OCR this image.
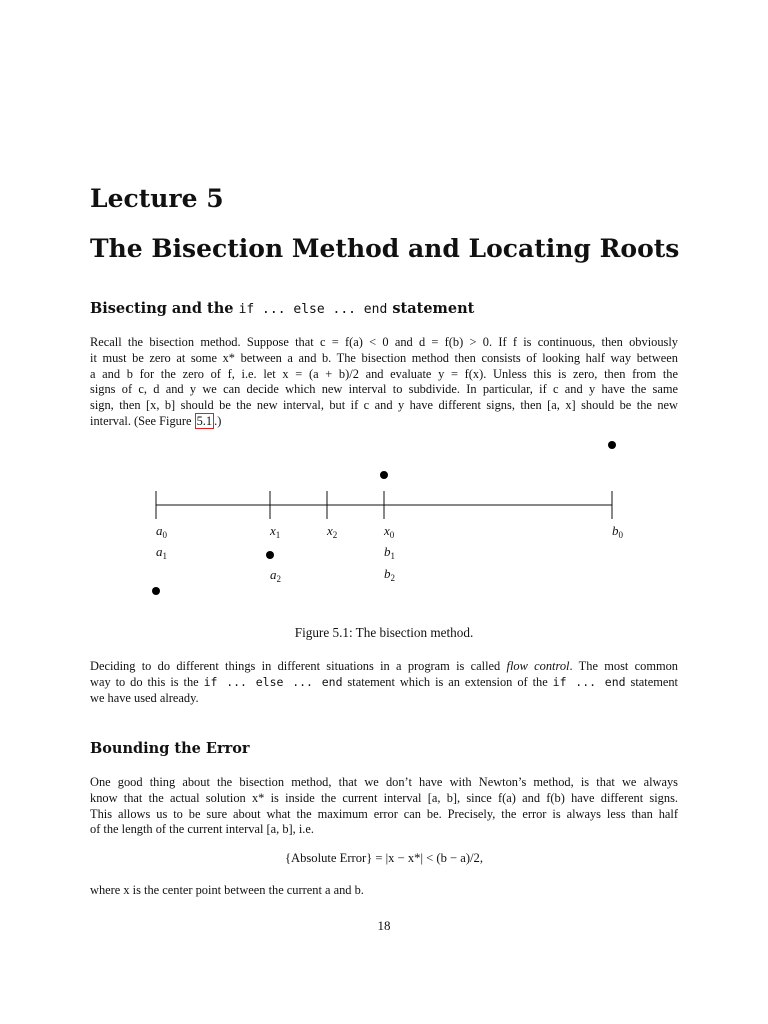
Lecture 5
The Bisection Method and Locating Roots
Bisecting and the if ... else ... end statement
Recall the bisection method. Suppose that c = f(a) < 0 and d = f(b) > 0. If f is continuous, then obviously
it must be zero at some x* between a and b. The bisection method then consists of looking half way between
a and b for the zero of f, i.e. let x = (a + b)/2 and evaluate y = f(x). Unless this is zero, then from the
signs of c, d and y we can decide which new interval to subdivide. In particular, if c and y have the same
sign, then [x, b] should be the new interval, but if c and y have different signs, then [a, x] should be the new
interval. (See Figure 5.1 .)
$a_0$	$x_1$	$x_2$	$x_0$	$b_0$
$a_1$	$b_1$
$a_2$	$b_2$
Figure 5.1: The bisection method.
Deciding to do different things in different situations in a program is called flow control. The most common
way to do this is the if ... else ... end statement which is an extension of the if ... end statement
we have used already.
Bounding the Error
One good thing about the bisection method, that we don’t have with Newton’s method, is that we always
know that the actual solution x* is inside the current interval [a, b], since f(a) and f(b) have different signs.
This allows us to be sure about what the maximum error can be. Precisely, the error is always less than half
of the length of the current interval [a, b], i.e.
{Absolute Error} = |x − x*| < (b − a)/2,
where x is the center point between the current a and b.
18
